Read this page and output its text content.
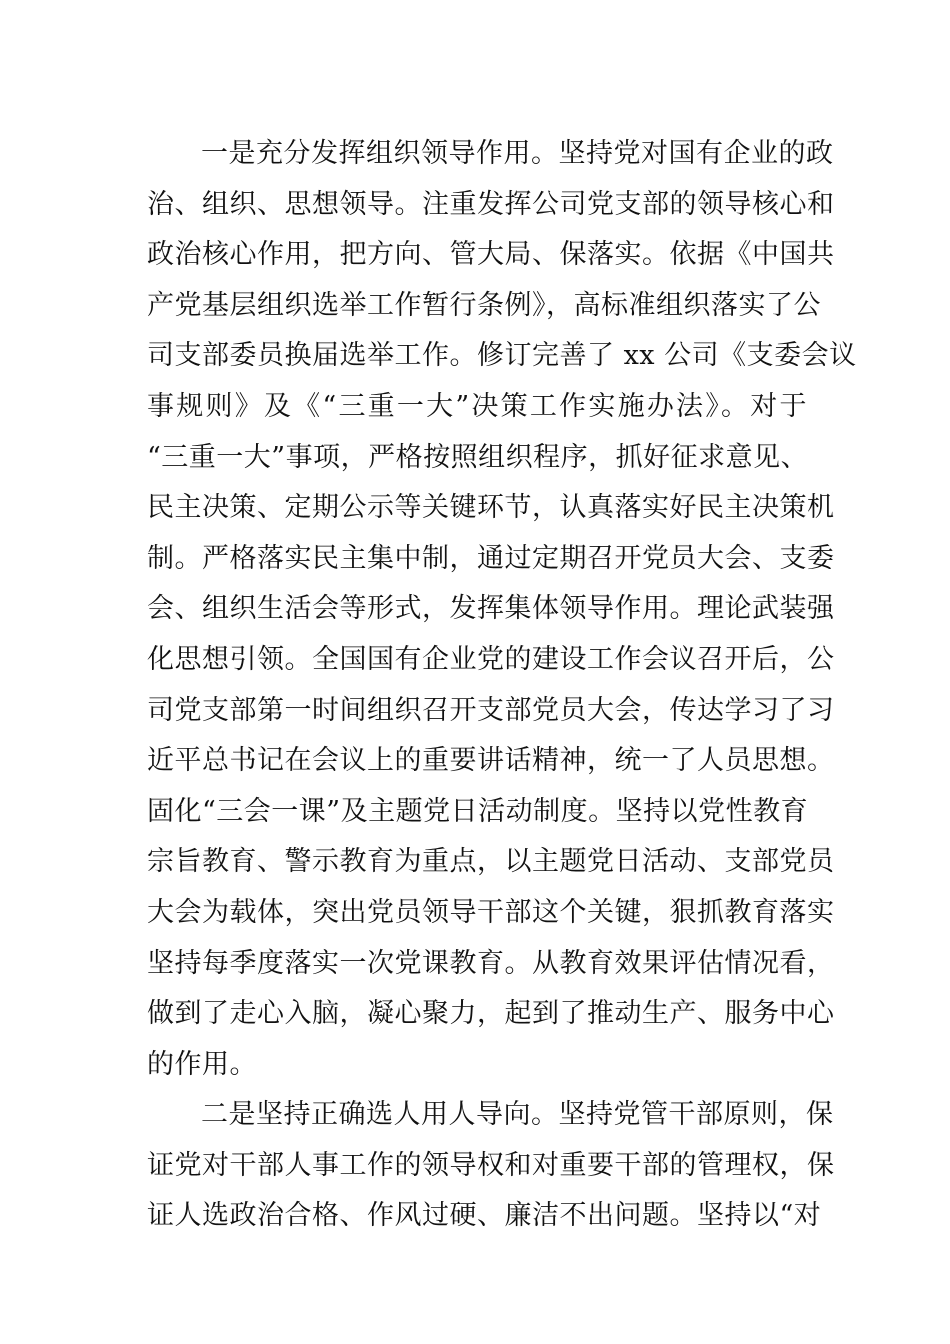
一是充分发挥组织领导作用。坚持党对国有企业的政
治、组织、思想领导。注重发挥公司党支部的领导核心和
政治核心作用，把方向、管大局、保落实。依据《中国共
产党基层组织选举工作暂行条例》，高标准组织落实了公
司支部委员换届选举工作。修订完善了 xx 公司《支委会议
事规则》及《“三重一大”决策工作实施办法》。对于
“三重一大”事项，严格按照组织程序，抓好征求意见、
民主决策、定期公示等关键环节，认真落实好民主决策机
制。严格落实民主集中制，通过定期召开党员大会、支委
会、组织生活会等形式，发挥集体领导作用。理论武装强
化思想引领。全国国有企业党的建设工作会议召开后，公
司党支部第一时间组织召开支部党员大会，传达学习了习
近平总书记在会议上的重要讲话精神，统一了人员思想。
固化“三会一课”及主题党日活动制度。坚持以党性教育
宗旨教育、警示教育为重点，以主题党日活动、支部党员
大会为载体，突出党员领导干部这个关键，狠抓教育落实
坚持每季度落实一次党课教育。从教育效果评估情况看，
做到了走心入脑，凝心聚力，起到了推动生产、服务中心
的作用。
二是坚持正确选人用人导向。坚持党管干部原则，保
证党对干部人事工作的领导权和对重要干部的管理权，保
证人选政治合格、作风过硬、廉洁不出问题。坚持以“对
